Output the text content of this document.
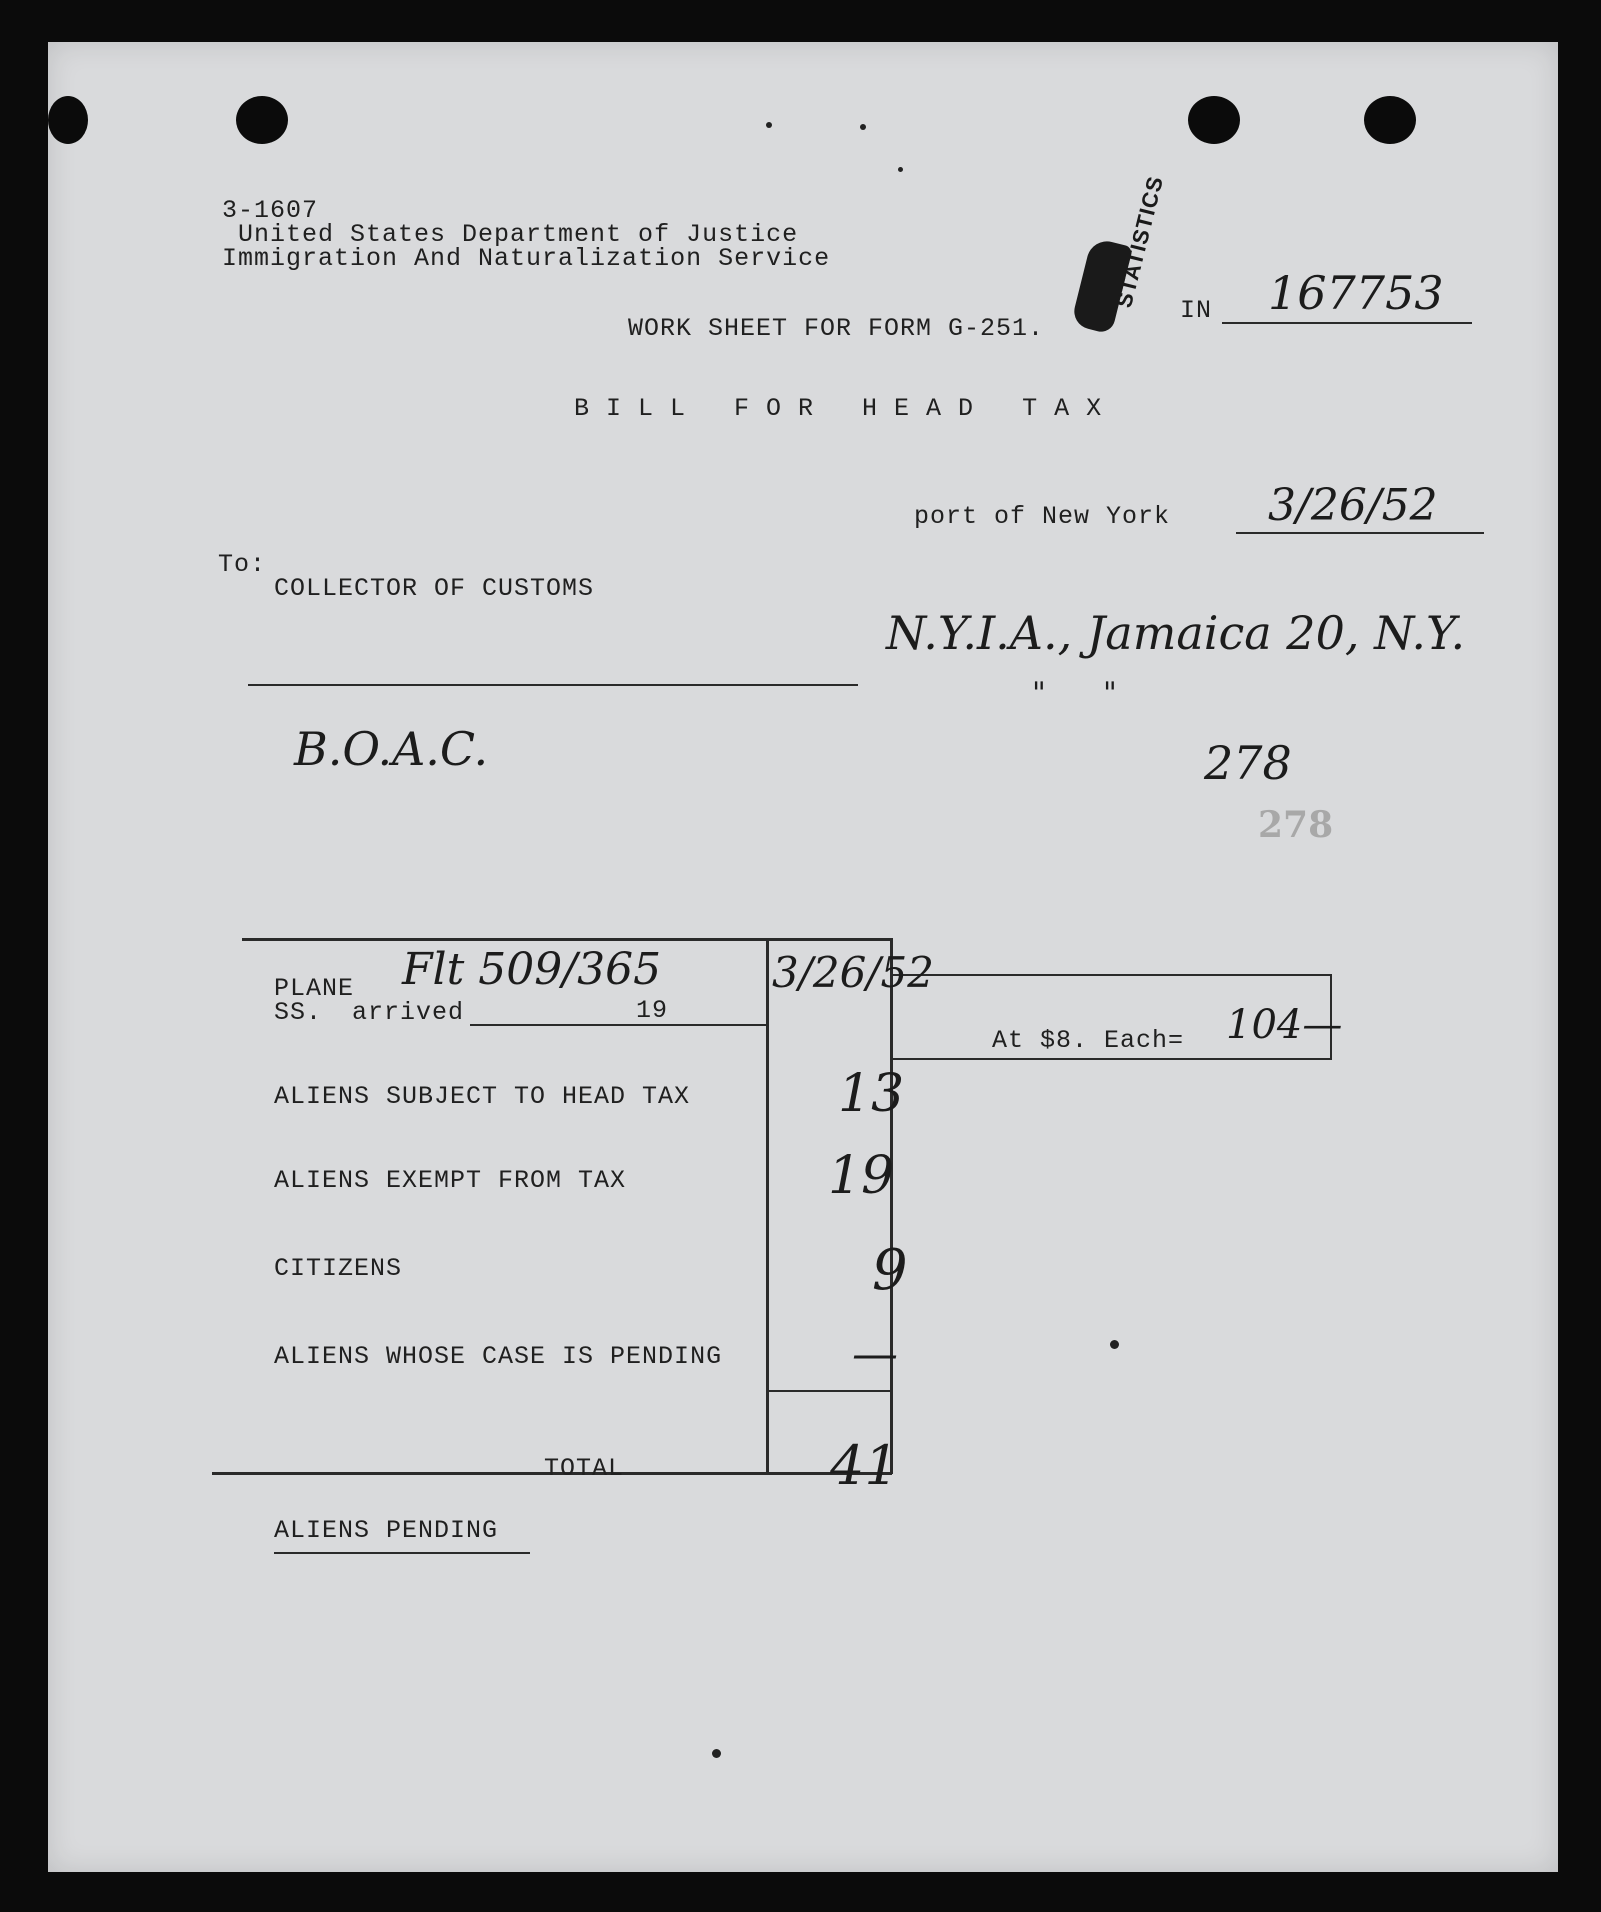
3-1607
United States Department of Justice
Immigration And Naturalization Service	STATISTICS
WORK SHEET FOR FORM G-251.
IN 167753
B I L L   F O R   H E A D   T A X
port of New York 3/26/52
To:
COLLECTOR OF CUSTOMS
N.Y.I.A., Jamaica 20, N.Y.
"      "
278
278
B.O.A.C.
At $8. Each= 104—
PLANE Flt 509/365
SS. arrived	19
3/26/52
ALIENS SUBJECT TO HEAD TAX	13
ALIENS EXEMPT FROM TAX	19
CITIZENS	9
ALIENS WHOSE CASE IS PENDING	—
TOTAL	41
ALIENS PENDING
